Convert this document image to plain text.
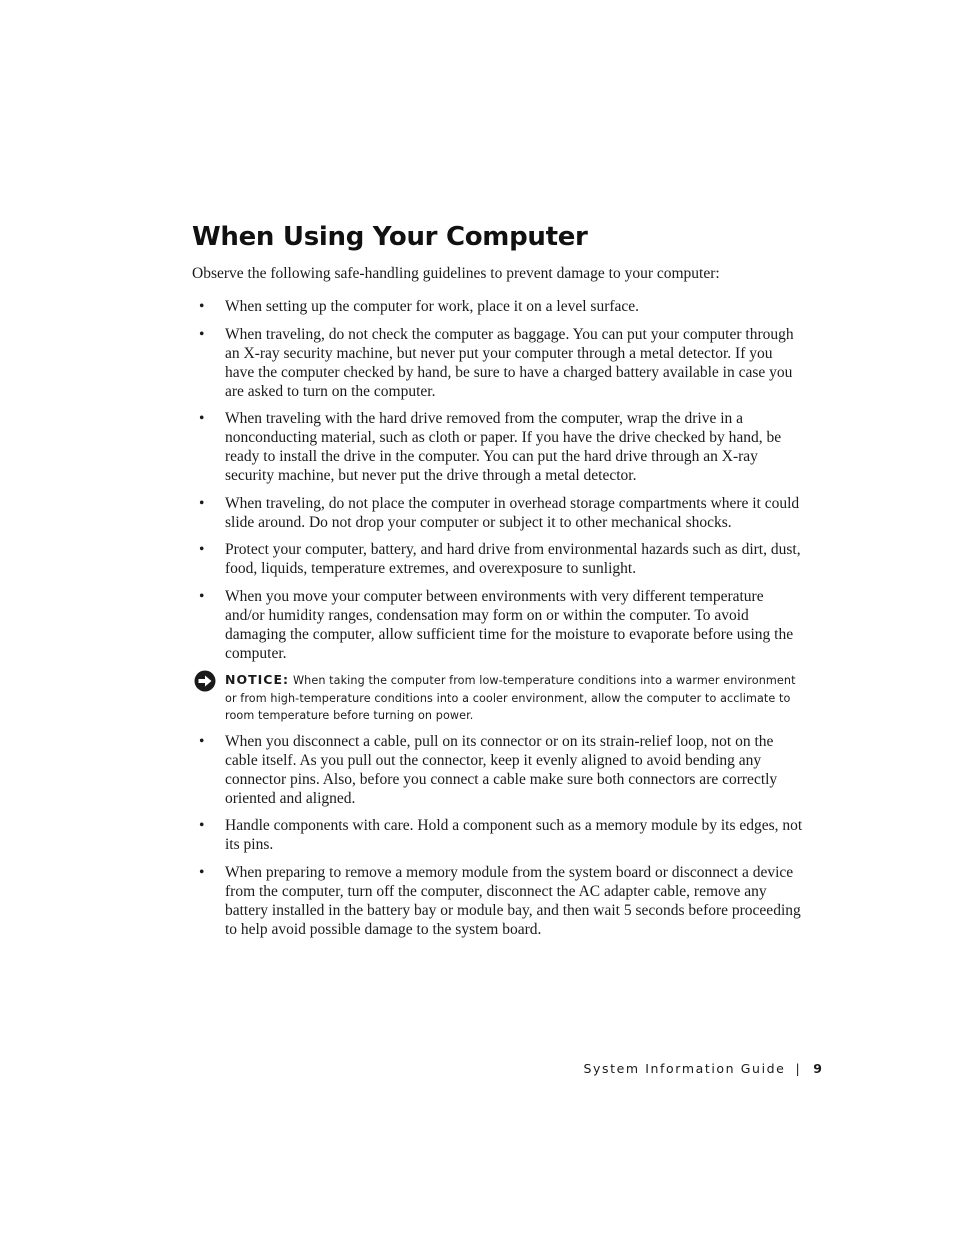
When Using Your Computer

Observe the following safe-handling guidelines to prevent damage to your computer:

• When setting up the computer for work, place it on a level surface.
• When traveling, do not check the computer as baggage. You can put your computer through an X-ray security machine, but never put your computer through a metal detector. If you have the computer checked by hand, be sure to have a charged battery available in case you are asked to turn on the computer.
• When traveling with the hard drive removed from the computer, wrap the drive in a nonconducting material, such as cloth or paper. If you have the drive checked by hand, be ready to install the drive in the computer. You can put the hard drive through an X-ray security machine, but never put the drive through a metal detector.
• When traveling, do not place the computer in overhead storage compartments where it could slide around. Do not drop your computer or subject it to other mechanical shocks.
• Protect your computer, battery, and hard drive from environmental hazards such as dirt, dust, food, liquids, temperature extremes, and overexposure to sunlight.
• When you move your computer between environments with very different temperature and/or humidity ranges, condensation may form on or within the computer. To avoid damaging the computer, allow sufficient time for the moisture to evaporate before using the computer.
• When you disconnect a cable, pull on its connector or on its strain-relief loop, not on the cable itself. As you pull out the connector, keep it evenly aligned to avoid bending any connector pins. Also, before you connect a cable make sure both connectors are correctly oriented and aligned.
• Handle components with care. Hold a component such as a memory module by its edges, not its pins.
• When preparing to remove a memory module from the system board or disconnect a device from the computer, turn off the computer, disconnect the AC adapter cable, remove any battery installed in the battery bay or module bay, and then wait 5 seconds before proceeding to help avoid possible damage to the system board.
NOTICE: When taking the computer from low-temperature conditions into a warmer environment or from high-temperature conditions into a cooler environment, allow the computer to acclimate to room temperature before turning on power.
System Information Guide | 9
